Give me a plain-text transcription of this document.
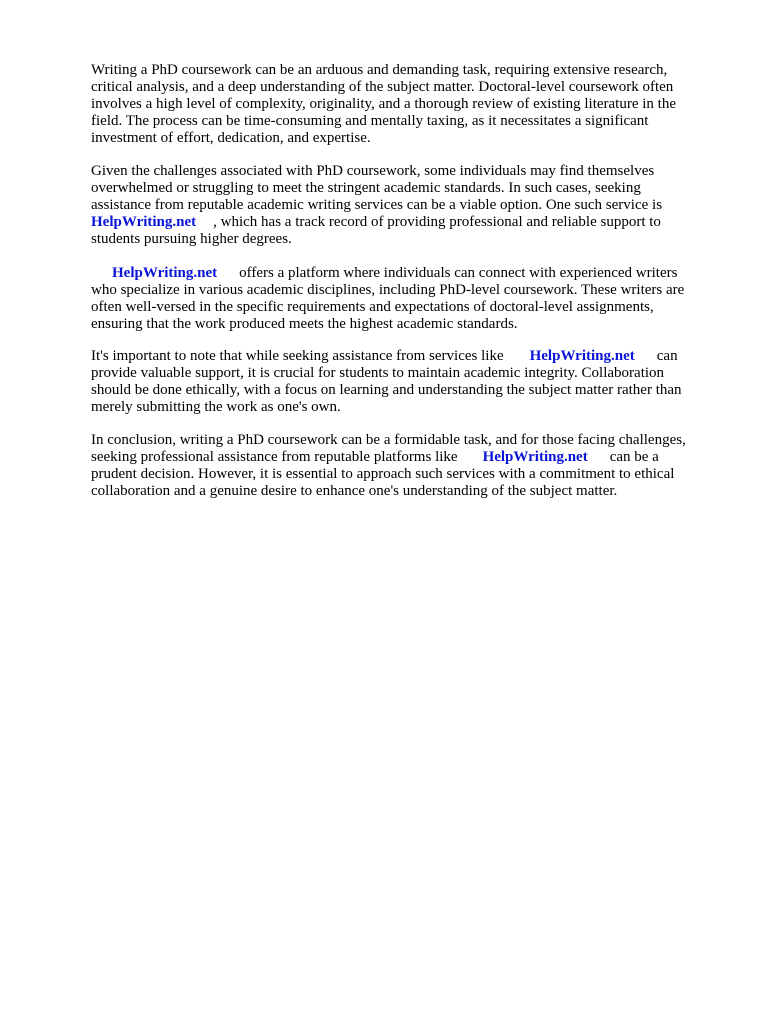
Writing a PhD coursework can be an arduous and demanding task, requiring extensive research,
critical analysis, and a deep understanding of the subject matter. Doctoral-level coursework often
involves a high level of complexity, originality, and a thorough review of existing literature in the
field. The process can be time-consuming and mentally taxing, as it necessitates a significant
investment of effort, dedication, and expertise.

Given the challenges associated with PhD coursework, some individuals may find themselves
overwhelmed or struggling to meet the stringent academic standards. In such cases, seeking
assistance from reputable academic writing services can be a viable option. One such service is
HelpWriting.net , which has a track record of providing professional and reliable support to
students pursuing higher degrees.

HelpWriting.net offers a platform where individuals can connect with experienced writers
who specialize in various academic disciplines, including PhD-level coursework. These writers are
often well-versed in the specific requirements and expectations of doctoral-level assignments,
ensuring that the work produced meets the highest academic standards.

It's important to note that while seeking assistance from services like HelpWriting.net can
provide valuable support, it is crucial for students to maintain academic integrity. Collaboration
should be done ethically, with a focus on learning and understanding the subject matter rather than
merely submitting the work as one's own.

In conclusion, writing a PhD coursework can be a formidable task, and for those facing challenges,
seeking professional assistance from reputable platforms like HelpWriting.net can be a
prudent decision. However, it is essential to approach such services with a commitment to ethical
collaboration and a genuine desire to enhance one's understanding of the subject matter.
